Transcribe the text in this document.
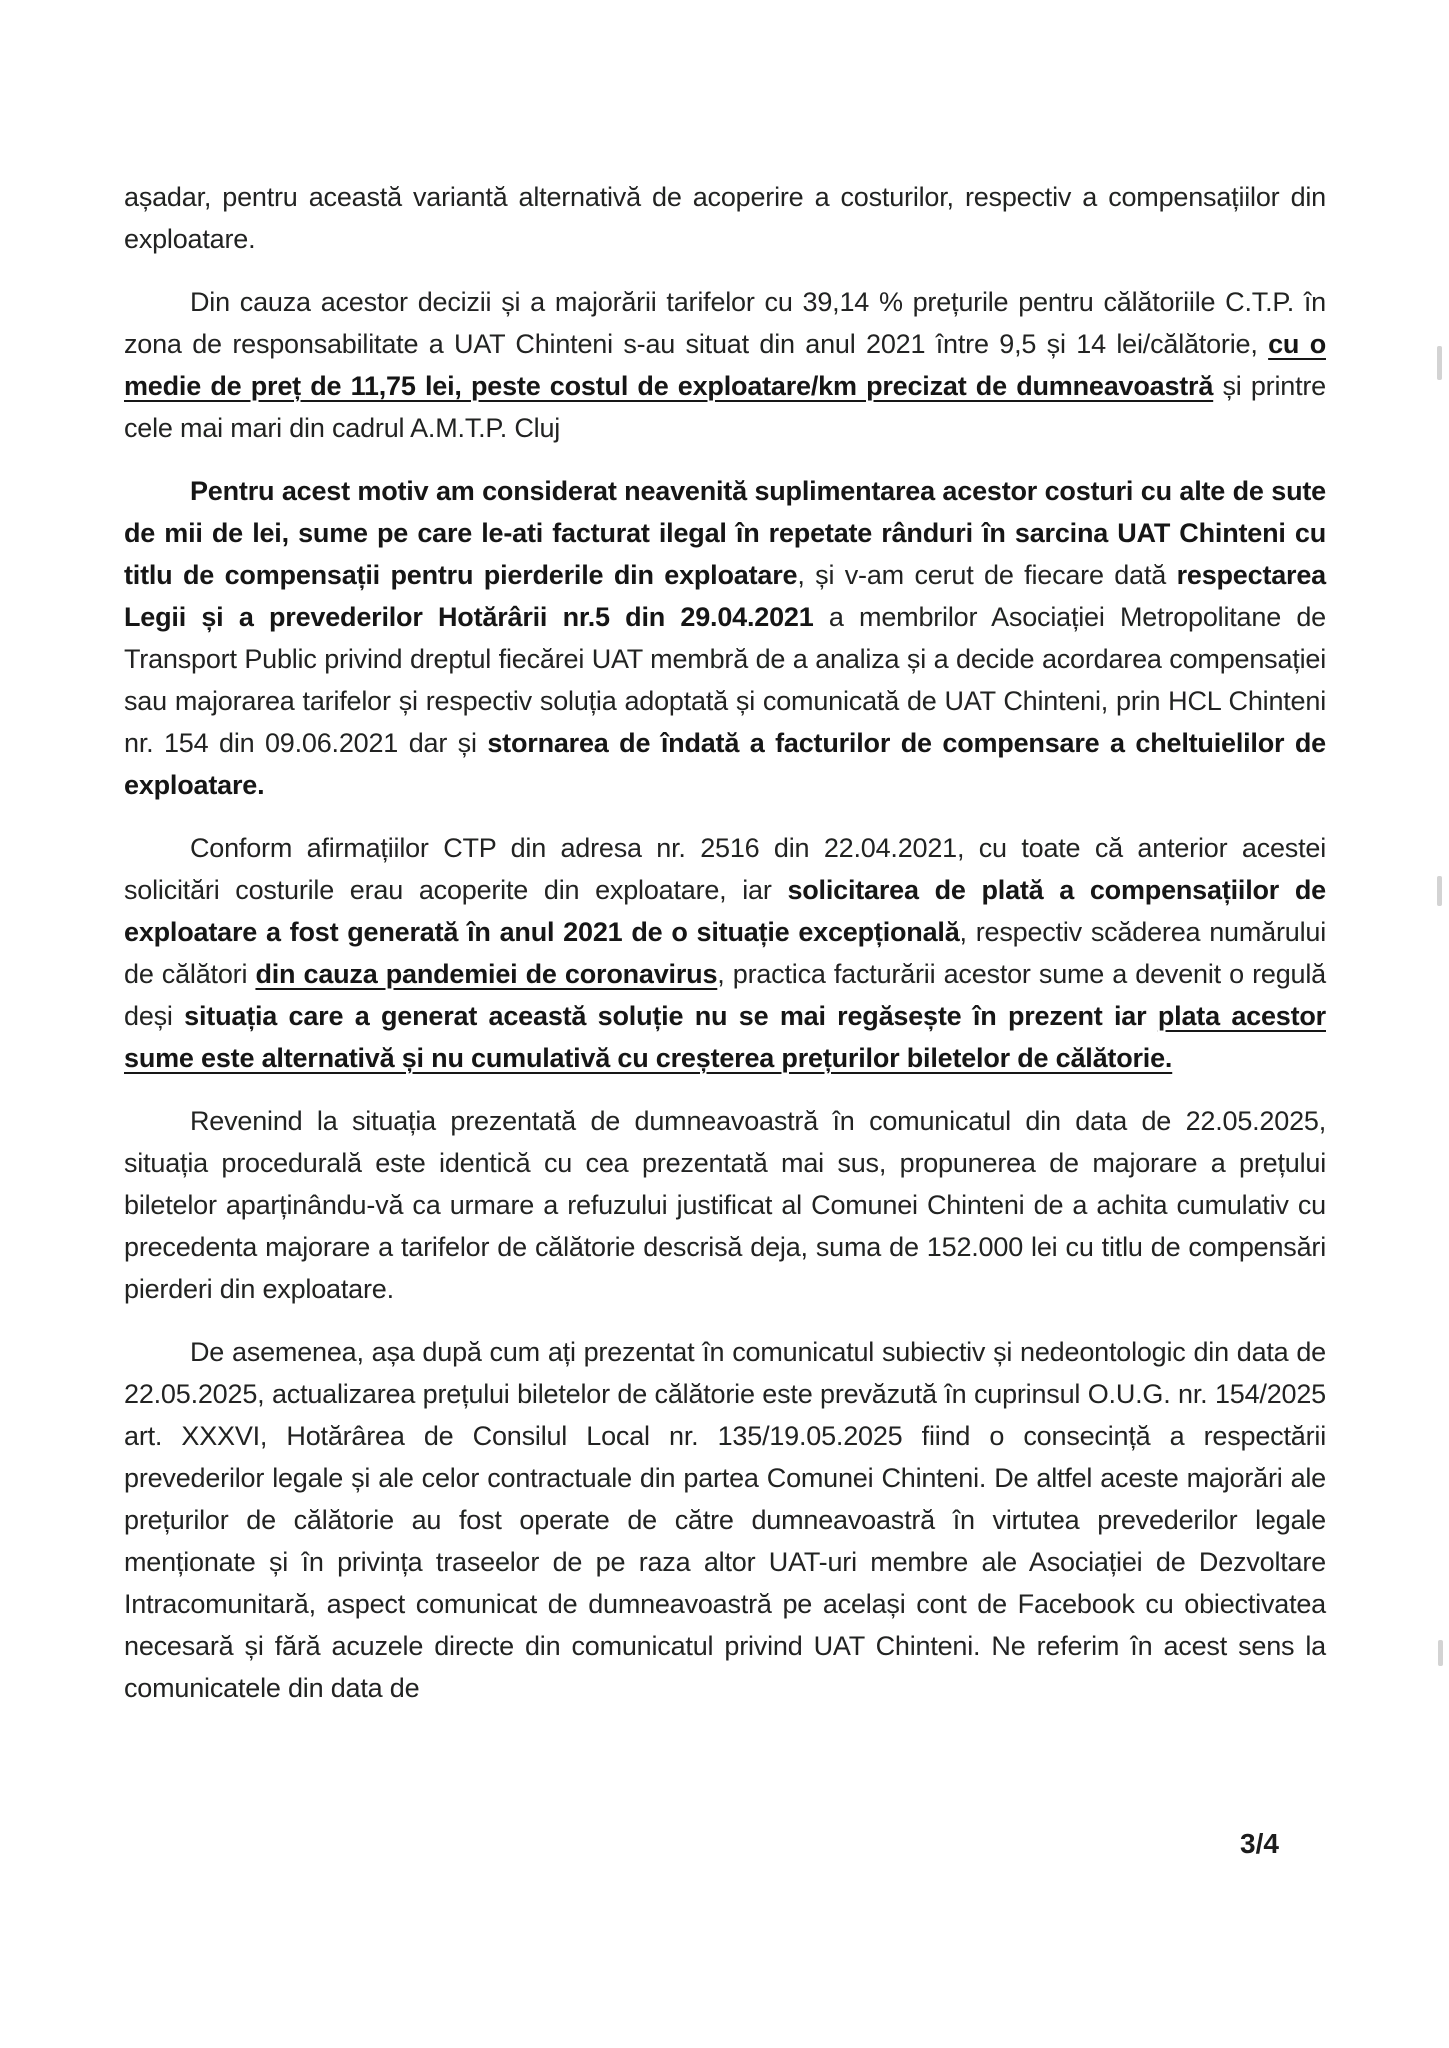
așadar, pentru această variantă alternativă de acoperire a costurilor, respectiv a compensațiilor din exploatare.

Din cauza acestor decizii și a majorării tarifelor cu 39,14 % prețurile pentru călătoriile C.T.P. în zona de responsabilitate a UAT Chinteni s-au situat din anul 2021 între 9,5 și 14 lei/călătorie, cu o medie de preț de 11,75 lei, peste costul de exploatare/km precizat de dumneavoastră și printre cele mai mari din cadrul A.M.T.P. Cluj

Pentru acest motiv am considerat neavenită suplimentarea acestor costuri cu alte de sute de mii de lei, sume pe care le-ati facturat ilegal în repetate rânduri în sarcina UAT Chinteni cu titlu de compensații pentru pierderile din exploatare, și v-am cerut de fiecare dată respectarea Legii și a prevederilor Hotărârii nr.5 din 29.04.2021 a membrilor Asociației Metropolitane de Transport Public privind dreptul fiecărei UAT membră de a analiza și a decide acordarea compensației sau majorarea tarifelor și respectiv soluția adoptată și comunicată de UAT Chinteni, prin HCL Chinteni nr. 154 din 09.06.2021 dar și stornarea de îndată a facturilor de compensare a cheltuielilor de exploatare.

Conform afirmațiilor CTP din adresa nr. 2516 din 22.04.2021, cu toate că anterior acestei solicitări costurile erau acoperite din exploatare, iar solicitarea de plată a compensațiilor de exploatare a fost generată în anul 2021 de o situație excepțională, respectiv scăderea numărului de călători din cauza pandemiei de coronavirus, practica facturării acestor sume a devenit o regulă deși situația care a generat această soluție nu se mai regăsește în prezent iar plata acestor sume este alternativă și nu cumulativă cu creșterea prețurilor biletelor de călătorie.

Revenind la situația prezentată de dumneavoastră în comunicatul din data de 22.05.2025, situația procedurală este identică cu cea prezentată mai sus, propunerea de majorare a prețului biletelor aparținându-vă ca urmare a refuzului justificat al Comunei Chinteni de a achita cumulativ cu precedenta majorare a tarifelor de călătorie descrisă deja, suma de 152.000 lei cu titlu de compensări pierderi din exploatare.

De asemenea, așa după cum ați prezentat în comunicatul subiectiv și nedeontologic din data de 22.05.2025, actualizarea prețului biletelor de călătorie este prevăzută în cuprinsul O.U.G. nr. 154/2025 art. XXXVI, Hotărârea de Consilul Local nr. 135/19.05.2025 fiind o consecință a respectării prevederilor legale și ale celor contractuale din partea Comunei Chinteni. De altfel aceste majorări ale prețurilor de călătorie au fost operate de către dumneavoastră în virtutea prevederilor legale menționate și în privința traseelor de pe raza altor UAT-uri membre ale Asociației de Dezvoltare Intracomunitară, aspect comunicat de dumneavoastră pe același cont de Facebook cu obiectivatea necesară și fără acuzele directe din comunicatul privind UAT Chinteni. Ne referim în acest sens la comunicatele din data de

3/4
